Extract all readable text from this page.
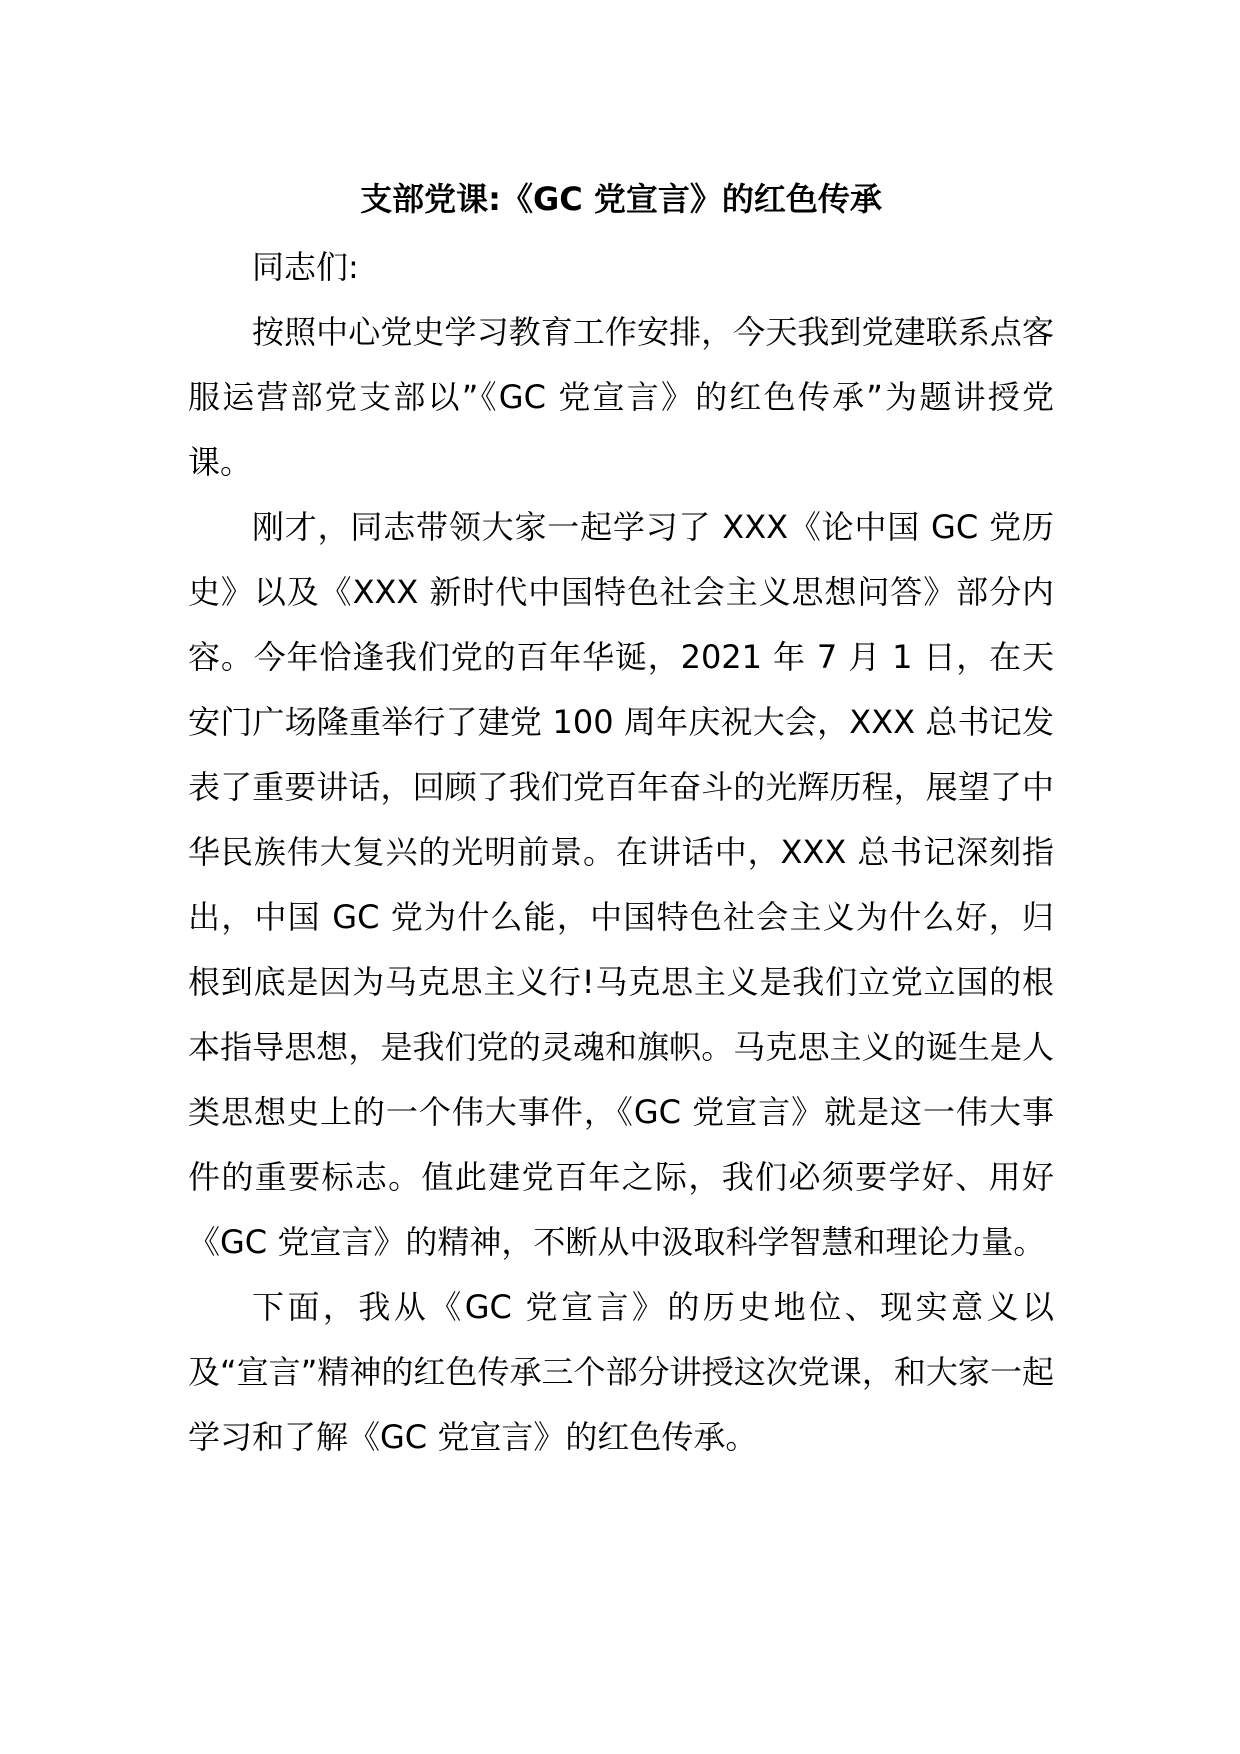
支部党课:《GC 党宣言》的红色传承

同志们:

按照中心党史学习教育工作安排，今天我到党建联系点客服运营部党支部以”《GC 党宣言》的红色传承”为题讲授党课。

刚才，同志带领大家一起学习了 XXX《论中国 GC 党历史》以及《XXX 新时代中国特色社会主义思想问答》部分内容。今年恰逢我们党的百年华诞，2021 年 7 月 1 日，在天安门广场隆重举行了建党 100 周年庆祝大会，XXX 总书记发表了重要讲话，回顾了我们党百年奋斗的光辉历程，展望了中华民族伟大复兴的光明前景。在讲话中，XXX 总书记深刻指出，中国 GC 党为什么能，中国特色社会主义为什么好，归根到底是因为马克思主义行!马克思主义是我们立党立国的根本指导思想，是我们党的灵魂和旗帜。马克思主义的诞生是人类思想史上的一个伟大事件，《GC 党宣言》就是这一伟大事件的重要标志。值此建党百年之际，我们必须要学好、用好《GC 党宣言》的精神，不断从中汲取科学智慧和理论力量。

下面，我从《GC 党宣言》的历史地位、现实意义以及“宣言”精神的红色传承三个部分讲授这次党课，和大家一起学习和了解《GC 党宣言》的红色传承。
